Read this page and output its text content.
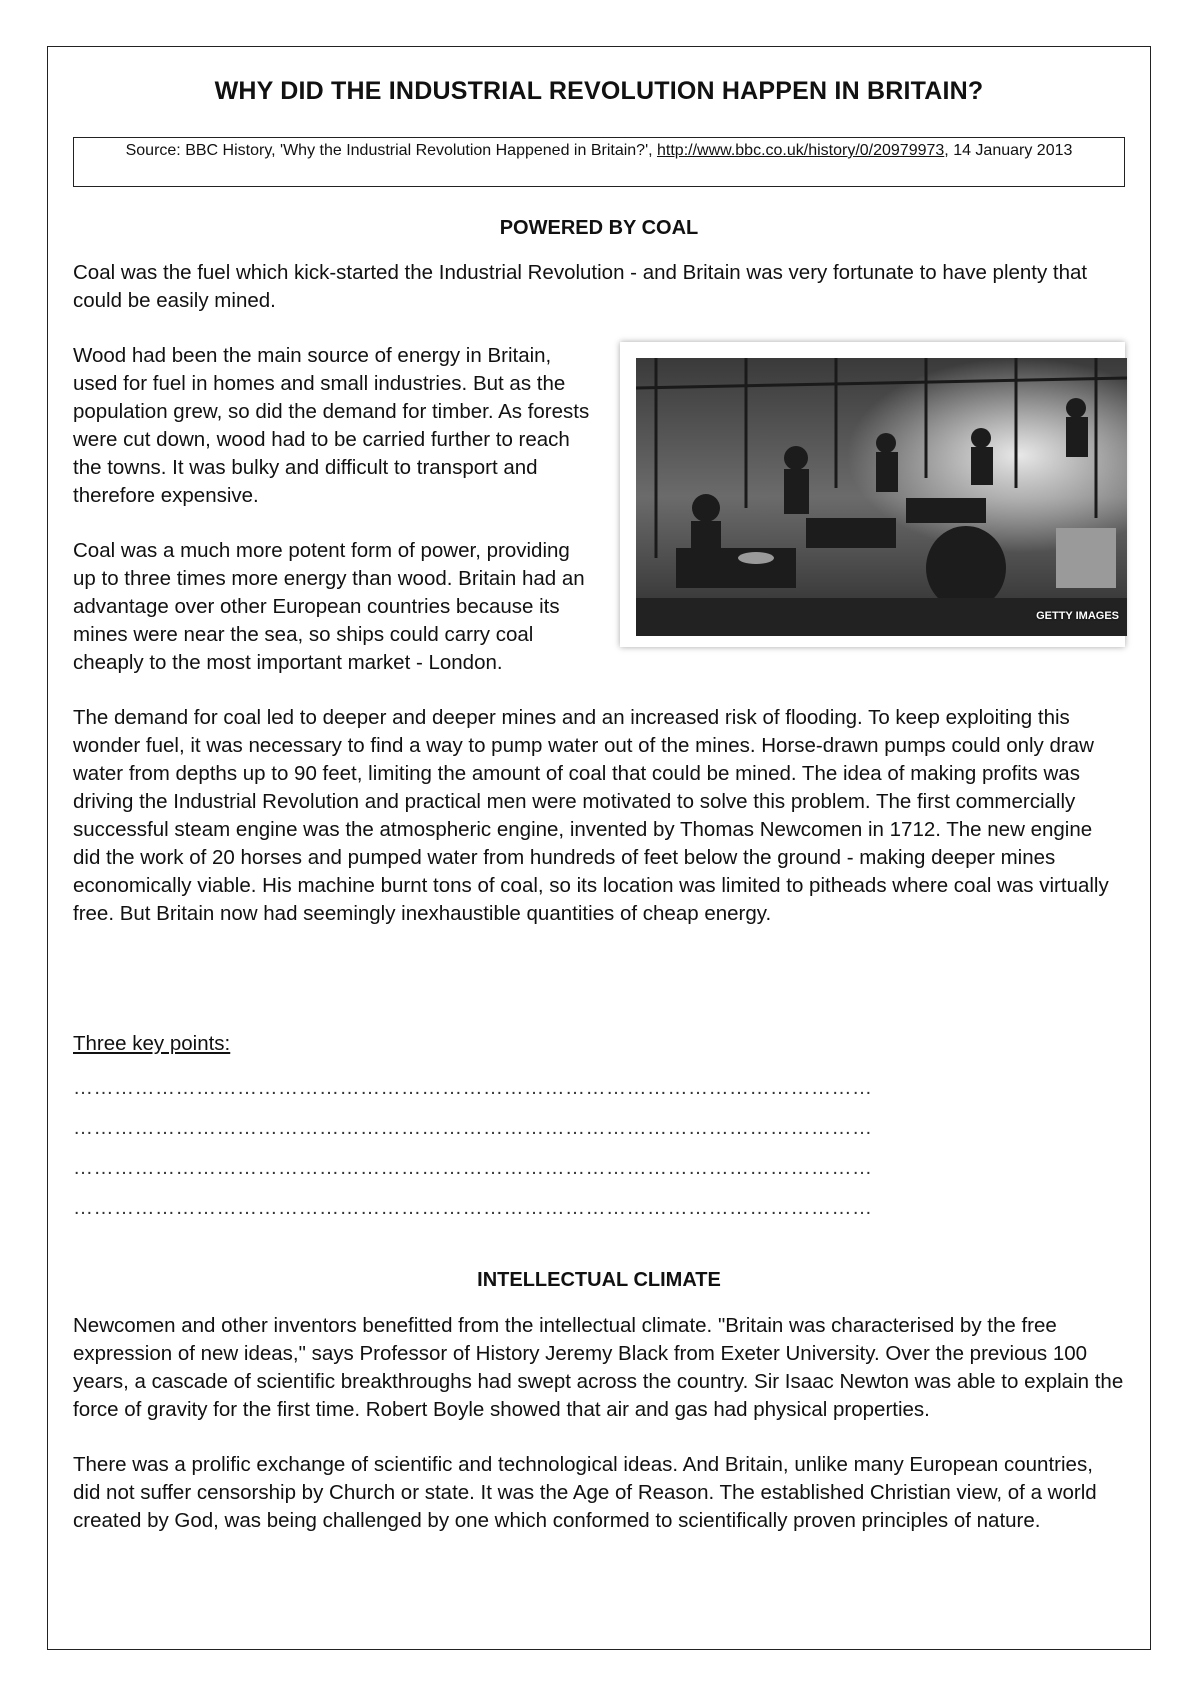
WHY DID THE INDUSTRIAL REVOLUTION HAPPEN IN BRITAIN?
Source: BBC History, 'Why the Industrial Revolution Happened in Britain?', http://www.bbc.co.uk/history/0/20979973, 14 January 2013
POWERED BY COAL

Coal was the fuel which kick-started the Industrial Revolution - and Britain was very fortunate to have plenty that could be easily mined.

GETTY IMAGES

Wood had been the main source of energy in Britain, used for fuel in homes and small industries. But as the population grew, so did the demand for timber. As forests were cut down, wood had to be carried further to reach the towns. It was bulky and difficult to transport and therefore expensive.

Coal was a much more potent form of power, providing up to three times more energy than wood. Britain had an advantage over other European countries because its mines were near the sea, so ships could carry coal cheaply to the most important market - London.

The demand for coal led to deeper and deeper mines and an increased risk of flooding. To keep exploiting this wonder fuel, it was necessary to find a way to pump water out of the mines. Horse-drawn pumps could only draw water from depths up to 90 feet, limiting the amount of coal that could be mined. The idea of making profits was driving the Industrial Revolution and practical men were motivated to solve this problem. The first commercially successful steam engine was the atmospheric engine, invented by Thomas Newcomen in 1712. The new engine did the work of 20 horses and pumped water from hundreds of feet below the ground - making deeper mines economically viable. His machine burnt tons of coal, so its location was limited to pitheads where coal was virtually free. But Britain now had seemingly inexhaustible quantities of cheap energy.

Three key points:
………………………………………………………………………………………………………
………………………………………………………………………………………………………
………………………………………………………………………………………………………
………………………………………………………………………………………………………
INTELLECTUAL CLIMATE

Newcomen and other inventors benefitted from the intellectual climate. "Britain was characterised by the free expression of new ideas," says Professor of History Jeremy Black from Exeter University. Over the previous 100 years, a cascade of scientific breakthroughs had swept across the country. Sir Isaac Newton was able to explain the force of gravity for the first time. Robert Boyle showed that air and gas had physical properties.

There was a prolific exchange of scientific and technological ideas. And Britain, unlike many European countries, did not suffer censorship by Church or state. It was the Age of Reason. The established Christian view, of a world created by God, was being challenged by one which conformed to scientifically proven principles of nature.
